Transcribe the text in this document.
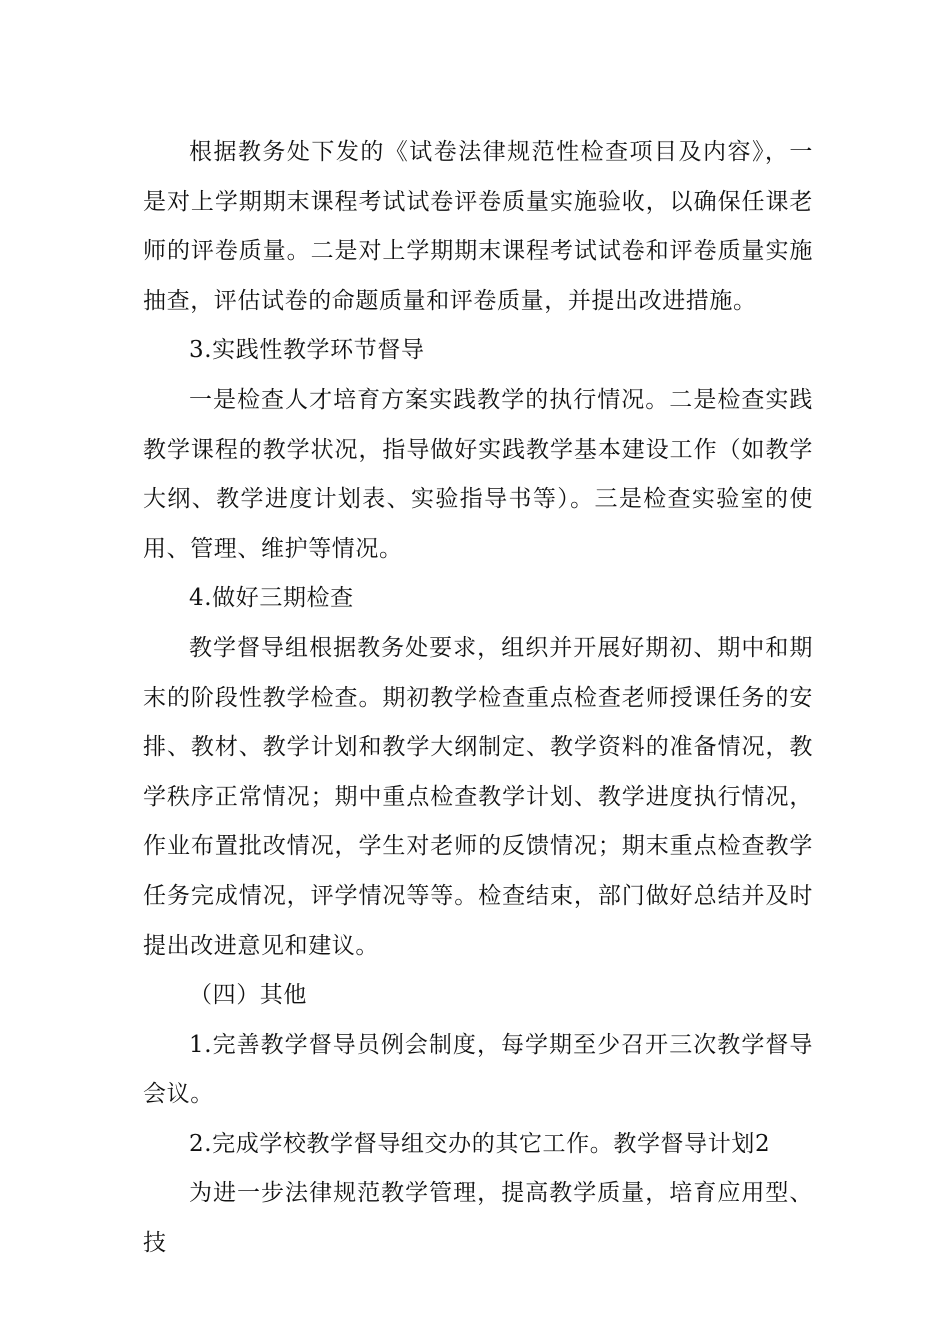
根据教务处下发的《试卷法律规范性检查项目及内容》，一是对上学期期末课程考试试卷评卷质量实施验收，以确保任课老师的评卷质量。二是对上学期期末课程考试试卷和评卷质量实施抽查，评估试卷的命题质量和评卷质量，并提出改进措施。

3.实践性教学环节督导

一是检查人才培育方案实践教学的执行情况。二是检查实践教学课程的教学状况，指导做好实践教学基本建设工作（如教学大纲、教学进度计划表、实验指导书等）。三是检查实验室的使用、管理、维护等情况。

4.做好三期检查

教学督导组根据教务处要求，组织并开展好期初、期中和期末的阶段性教学检查。期初教学检查重点检查老师授课任务的安排、教材、教学计划和教学大纲制定、教学资料的准备情况，教学秩序正常情况；期中重点检查教学计划、教学进度执行情况，作业布置批改情况，学生对老师的反馈情况；期末重点检查教学任务完成情况，评学情况等等。检查结束，部门做好总结并及时提出改进意见和建议。

（四）其他

1.完善教学督导员例会制度，每学期至少召开三次教学督导会议。

2.完成学校教学督导组交办的其它工作。教学督导计划2

为进一步法律规范教学管理，提高教学质量，培育应用型、技
